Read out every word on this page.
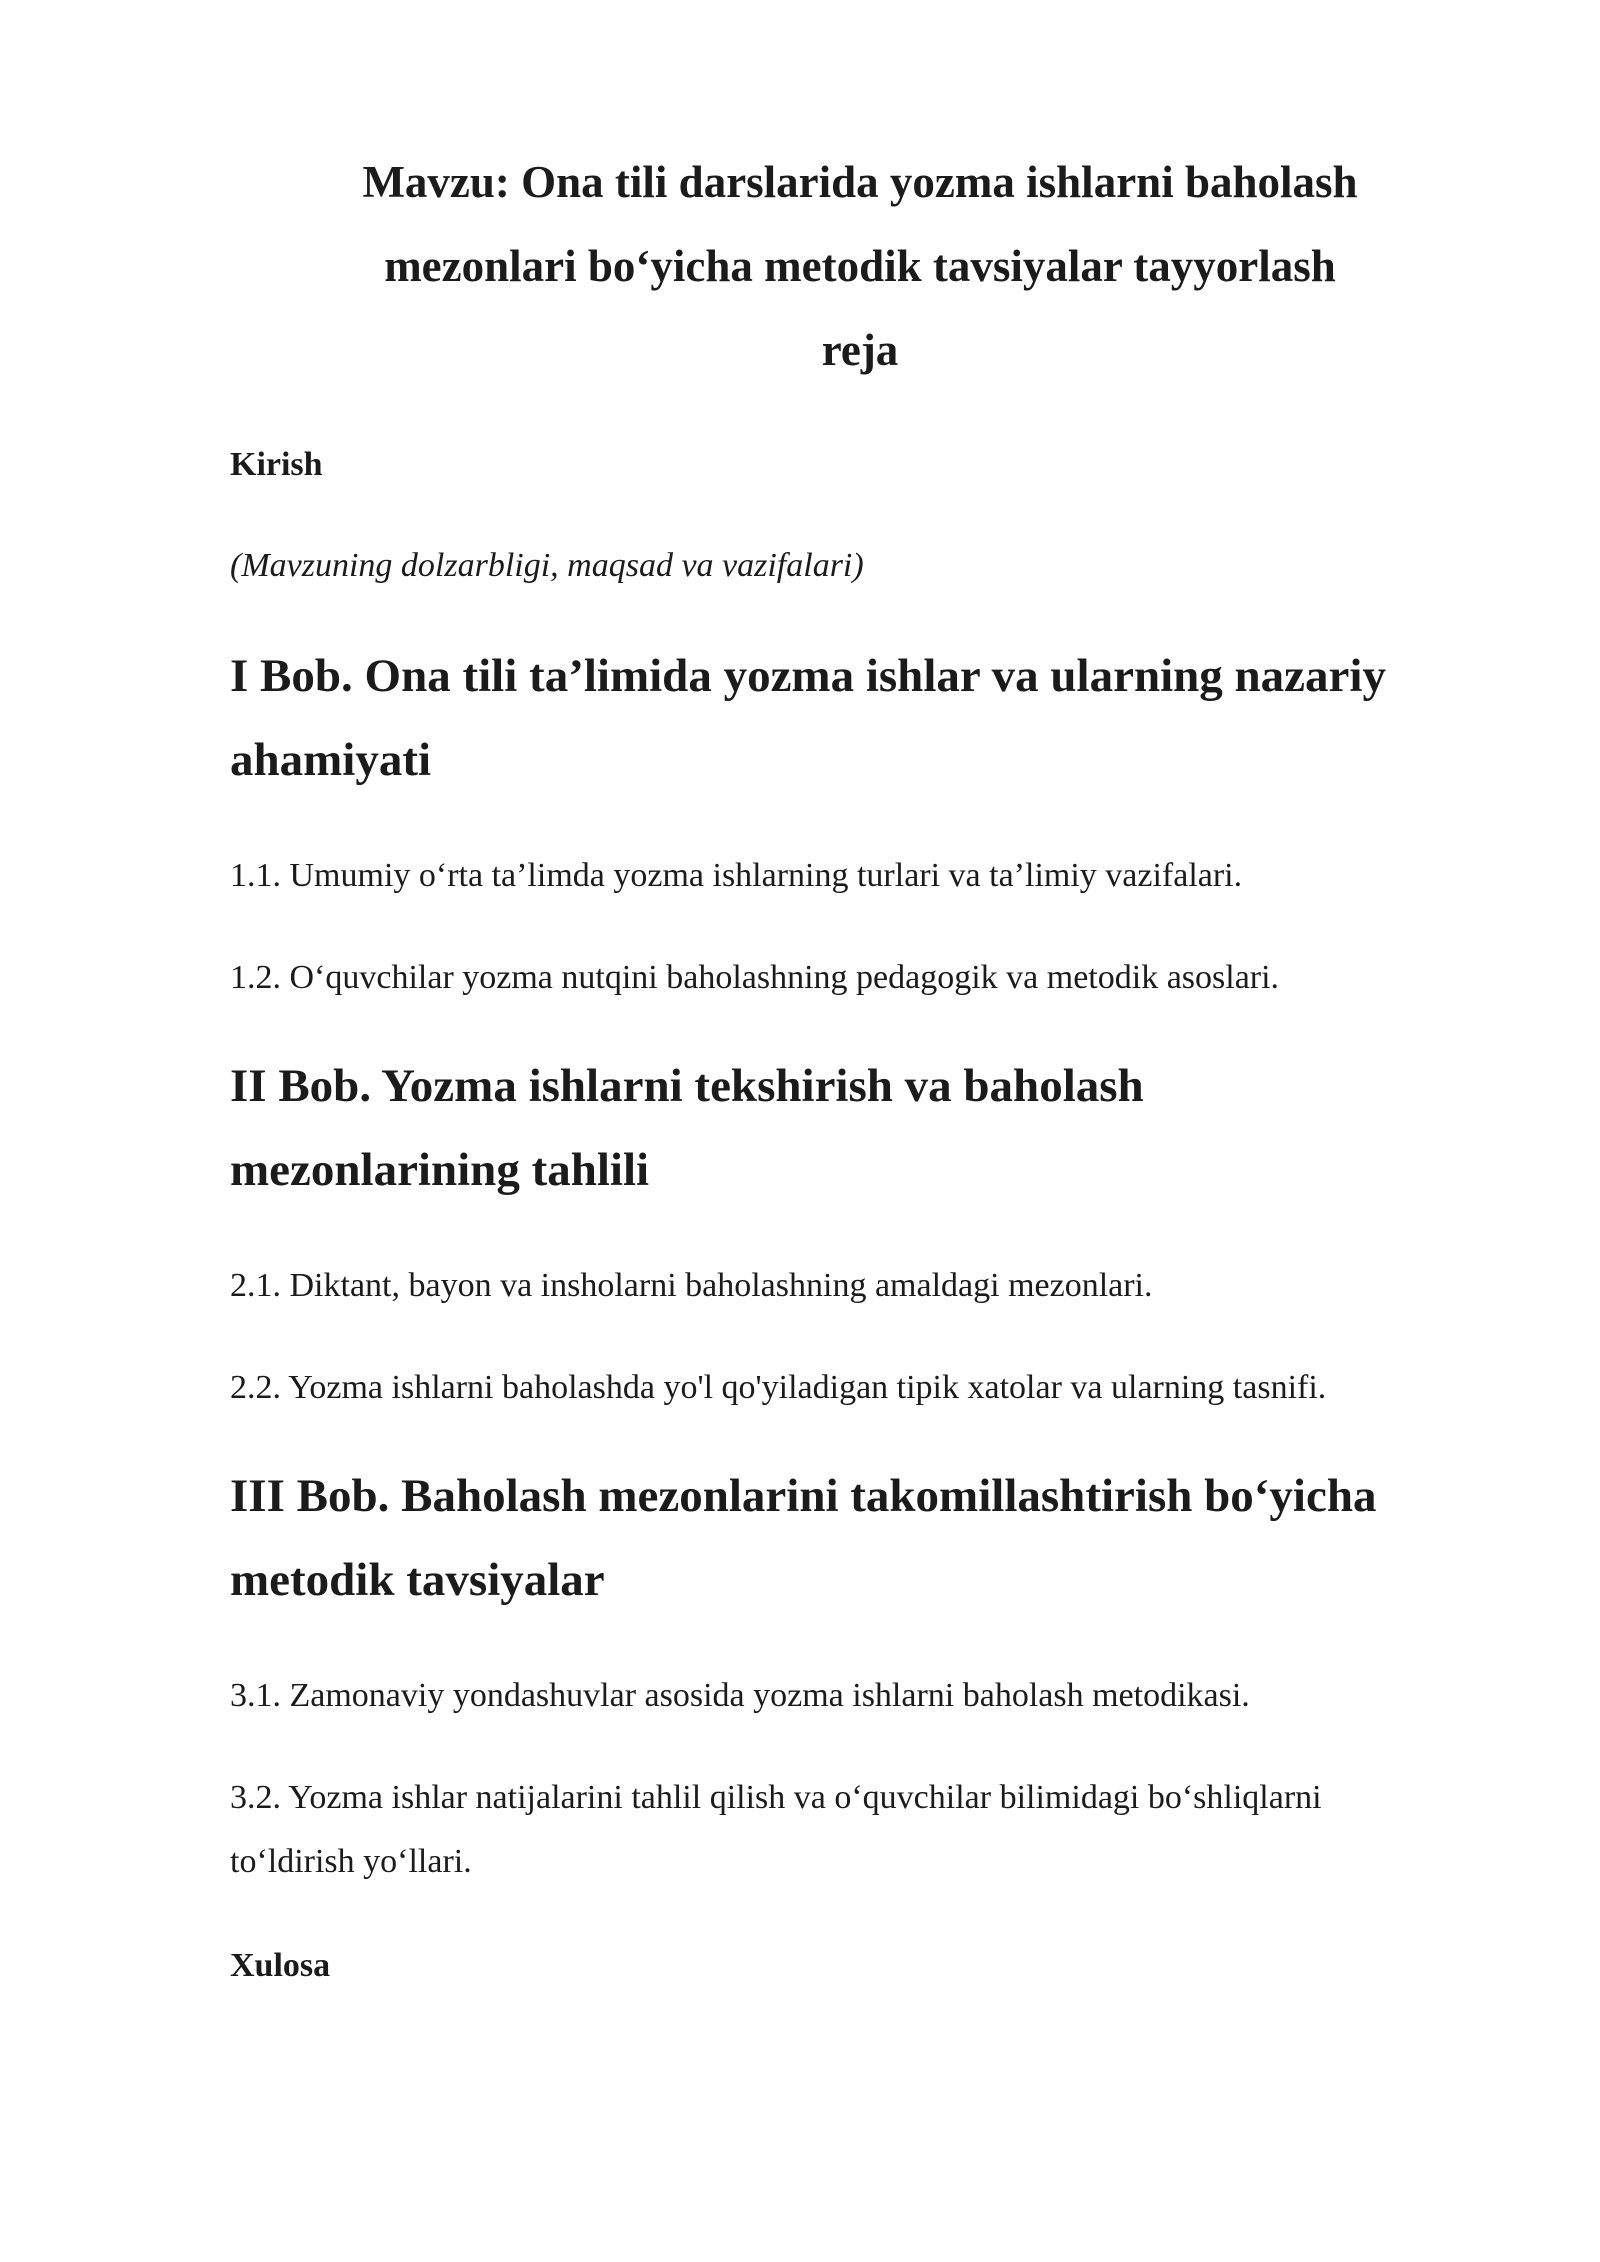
Mavzu: Ona tili darslarida yozma ishlarni baholash
mezonlari bo‘yicha metodik tavsiyalar tayyorlash
reja

Kirish

(Mavzuning dolzarbligi, maqsad va vazifalari)

I Bob. Ona tili ta’limida yozma ishlar va ularning nazariy
ahamiyati

1.1. Umumiy o‘rta ta’limda yozma ishlarning turlari va ta’limiy vazifalari.

1.2. O‘quvchilar yozma nutqini baholashning pedagogik va metodik asoslari.

II Bob. Yozma ishlarni tekshirish va baholash
mezonlarining tahlili

2.1. Diktant, bayon va insholarni baholashning amaldagi mezonlari.

2.2. Yozma ishlarni baholashda yo'l qo'yiladigan tipik xatolar va ularning tasnifi.

III Bob. Baholash mezonlarini takomillashtirish bo‘yicha
metodik tavsiyalar

3.1. Zamonaviy yondashuvlar asosida yozma ishlarni baholash metodikasi.

3.2. Yozma ishlar natijalarini tahlil qilish va o‘quvchilar bilimidagi bo‘shliqlarni
to‘ldirish yo‘llari.

Xulosa
